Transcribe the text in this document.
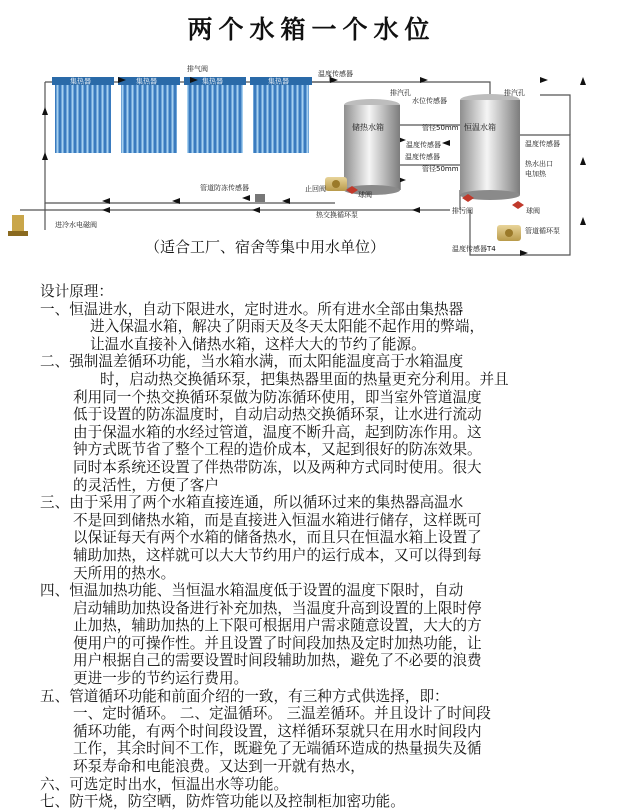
两个水箱一个水位
集热器	集热器	集热器	集热器
储热水箱	恒温水箱
排气阀
温度传感器
排汽孔
水位传感器
排汽孔
管径50mm
温度传感器
管径50mm
温度传感器
温度传感器
热水出口
电加热
管道防冻传感器	止回阀
球阀
热交换循环泵	排污阀	球阀
进冷水电磁阀
管道循环泵
温度传感器T4
（适合工厂、宿舍等集中用水单位）
设计原理：
一、恒温进水，自动下限进水，定时进水。所有进水全部由集热器
进入保温水箱，解决了阴雨天及冬天太阳能不起作用的弊端，
让温水直接补入储热水箱，这样大大的节约了能源。
二、强制温差循环功能，当水箱水满，而太阳能温度高于水箱温度
时，启动热交换循环泵，把集热器里面的热量更充分利用。并且
利用同一个热交换循环泵做为防冻循环使用，即当室外管道温度
低于设置的防冻温度时，自动启动热交换循环泵，让水进行流动
由于保温水箱的水经过管道，温度不断升高，起到防冻作用。这
钟方式既节省了整个工程的造价成本，又起到很好的防冻效果。
同时本系统还设置了伴热带防冻，以及两种方式同时使用。很大
的灵活性，方便了客户
三、由于采用了两个水箱直接连通，所以循环过来的集热器高温水
不是回到储热水箱，而是直接进入恒温水箱进行储存，这样既可
以保证每天有两个水箱的储备热水，而且只在恒温水箱上设置了
辅助加热，这样就可以大大节约用户的运行成本，又可以得到每
天所用的热水。
四、恒温加热功能、当恒温水箱温度低于设置的温度下限时，自动
启动辅助加热设备进行补充加热，当温度升高到设置的上限时停
止加热，辅助加热的上下限可根据用户需求随意设置，大大的方
便用户的可操作性。并且设置了时间段加热及定时加热功能，让
用户根据自己的需要设置时间段辅助加热，避免了不必要的浪费
更进一步的节约运行费用。
五、管道循环功能和前面介绍的一致，有三种方式供选择，即：
一、定时循环。 二、定温循环。 三温差循环。并且设计了时间段
循环功能，有两个时间段设置，这样循环泵就只在用水时间段内
工作，其余时间不工作，既避免了无端循环造成的热量损失及循
环泵寿命和电能浪费。又达到一开就有热水，
六、可选定时出水，恒温出水等功能。
七、防干烧，防空晒，防炸管功能以及控制柜加密功能。
